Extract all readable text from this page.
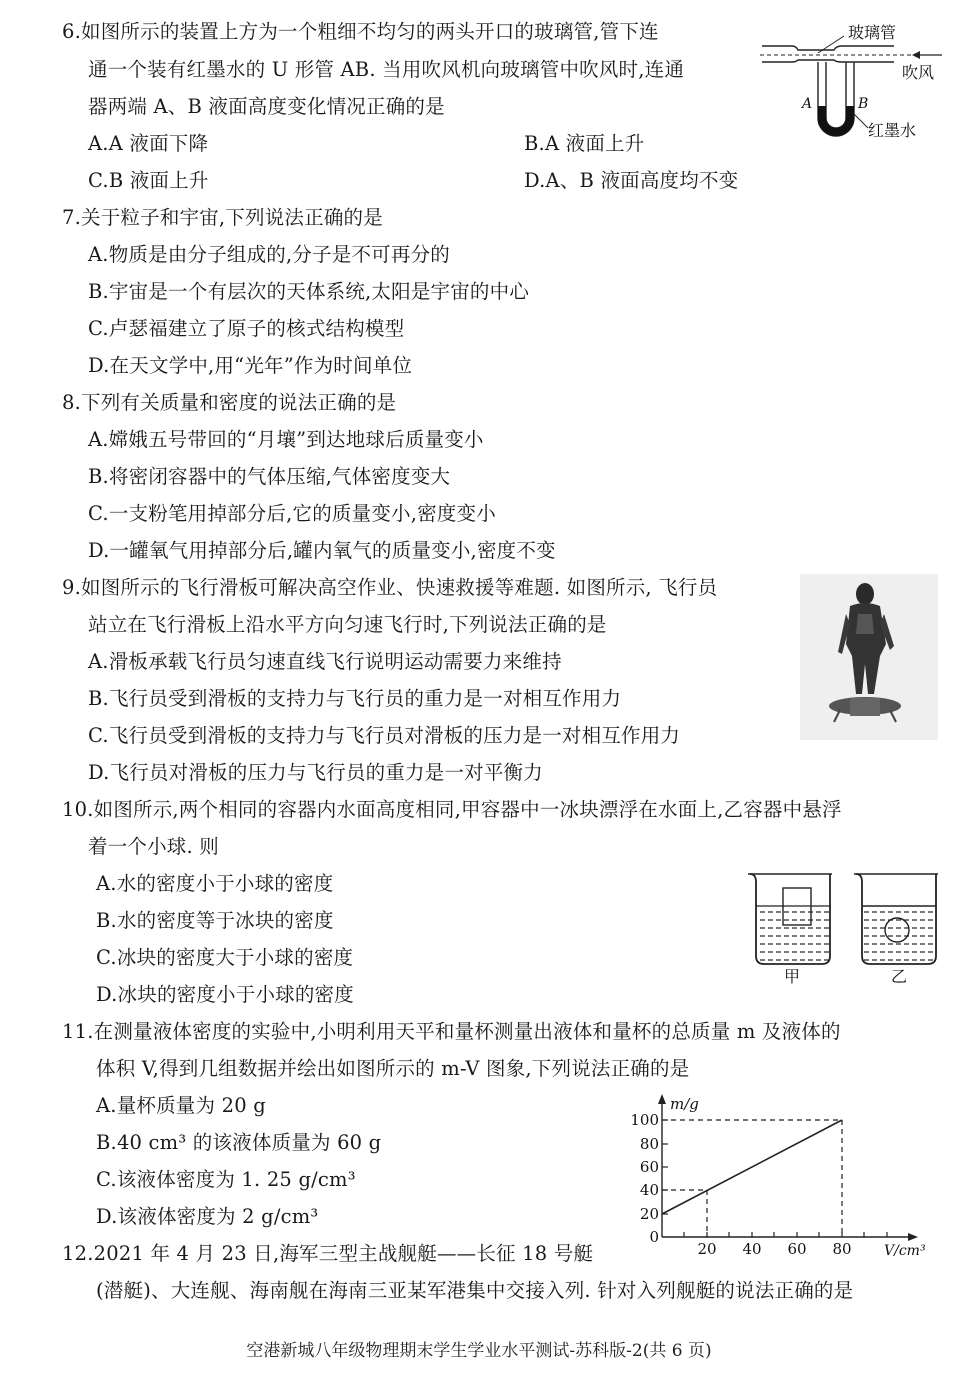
6.如图所示的装置上方为一个粗细不均匀的两头开口的玻璃管,管下连
通一个装有红墨水的 U 形管 AB. 当用吹风机向玻璃管中吹风时,连通
器两端 A、B 液面高度变化情况正确的是
A.A 液面下降	B.A 液面上升
C.B 液面上升	D.A、B 液面高度均不变
玻璃管
吹风
红墨水
A	B
7.关于粒子和宇宙,下列说法正确的是
A.物质是由分子组成的,分子是不可再分的
B.宇宙是一个有层次的天体系统,太阳是宇宙的中心
C.卢瑟福建立了原子的核式结构模型
D.在天文学中,用“光年”作为时间单位
8.下列有关质量和密度的说法正确的是
A.嫦娥五号带回的“月壤”到达地球后质量变小
B.将密闭容器中的气体压缩,气体密度变大
C.一支粉笔用掉部分后,它的质量变小,密度变小
D.一罐氧气用掉部分后,罐内氧气的质量变小,密度不变
9.如图所示的飞行滑板可解决高空作业、快速救援等难题. 如图所示, 飞行员
站立在飞行滑板上沿水平方向匀速飞行时,下列说法正确的是
A.滑板承载飞行员匀速直线飞行说明运动需要力来维持
B.飞行员受到滑板的支持力与飞行员的重力是一对相互作用力
C.飞行员受到滑板的支持力与飞行员对滑板的压力是一对相互作用力
D.飞行员对滑板的压力与飞行员的重力是一对平衡力
10.如图所示,两个相同的容器内水面高度相同,甲容器中一冰块漂浮在水面上,乙容器中悬浮
着一个小球. 则
A.水的密度小于小球的密度
B.水的密度等于冰块的密度
C.冰块的密度大于小球的密度
D.冰块的密度小于小球的密度
甲	乙
11.在测量液体密度的实验中,小明利用天平和量杯测量出液体和量杯的总质量 m 及液体的
体积 V,得到几组数据并绘出如图所示的 m-V 图象,下列说法正确的是
A.量杯质量为 20 g
B.40 cm³ 的该液体质量为 60 g
C.该液体密度为 1. 25 g/cm³
D.该液体密度为 2 g/cm³
0
20
40
60
80
100
20 40 60 80
m/g
V/cm³
12.2021 年 4 月 23 日,海军三型主战舰艇——长征 18 号艇
(潜艇)、大连舰、海南舰在海南三亚某军港集中交接入列. 针对入列舰艇的说法正确的是
空港新城八年级物理期末学生学业水平测试-苏科版-2(共 6 页)
